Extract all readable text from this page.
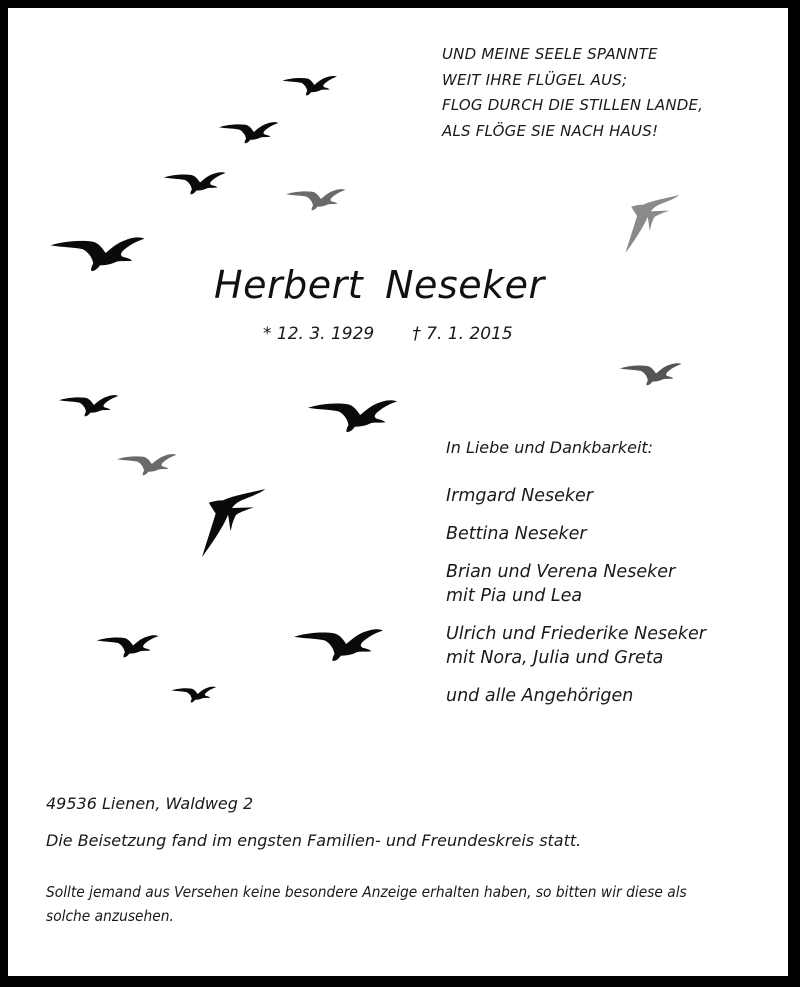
UND MEINE SEELE SPANNTE
WEIT IHRE FLÜGEL AUS;
FLOG DURCH DIE STILLEN LANDE,
ALS FLÖGE SIE NACH HAUS!
Herbert Neseker
* 12. 3. 1929 † 7. 1. 2015
In Liebe und Dankbarkeit:
Irmgard Neseker
Bettina Neseker
Brian und Verena Neseker
mit Pia und Lea
Ulrich und Friederike Neseker
mit Nora, Julia und Greta
und alle Angehörigen
49536 Lienen, Waldweg 2
Die Beisetzung fand im engsten Familien- und Freundeskreis statt.
Sollte jemand aus Versehen keine besondere Anzeige erhalten haben, so bitten wir diese als solche anzusehen.
